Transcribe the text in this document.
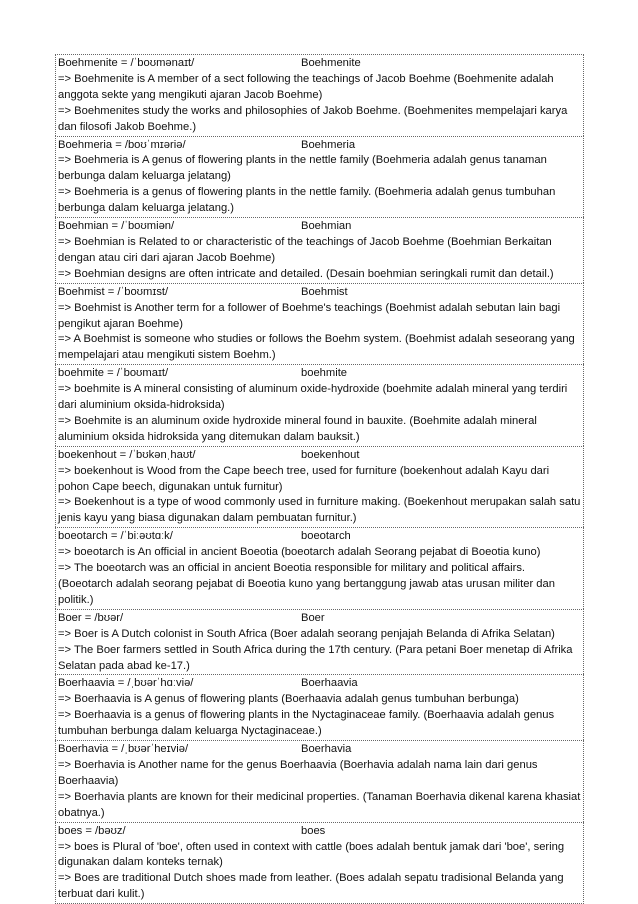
Boehmenite = /ˈboʊmənaɪt/	Boehmenite
=> Boehmenite is A member of a sect following the teachings of Jacob Boehme (Boehmenite adalah anggota sekte yang mengikuti ajaran Jacob Boehme)
=> Boehmenites study the works and philosophies of Jakob Boehme. (Boehmenites mempelajari karya dan filosofi Jakob Boehme.)
Boehmeria = /boʊˈmɪəriə/	Boehmeria
=> Boehmeria is A genus of flowering plants in the nettle family (Boehmeria adalah genus tanaman berbunga dalam keluarga jelatang)
=> Boehmeria is a genus of flowering plants in the nettle family. (Boehmeria adalah genus tumbuhan berbunga dalam keluarga jelatang.)
Boehmian = /ˈboʊmiən/	Boehmian
=> Boehmian is Related to or characteristic of the teachings of Jacob Boehme (Boehmian Berkaitan dengan atau ciri dari ajaran Jacob Boehme)
=> Boehmian designs are often intricate and detailed. (Desain boehmian seringkali rumit dan detail.)
Boehmist = /ˈboʊmɪst/	Boehmist
=> Boehmist is Another term for a follower of Boehme's teachings (Boehmist adalah sebutan lain bagi pengikut ajaran Boehme)
=> A Boehmist is someone who studies or follows the Boehm system. (Boehmist adalah seseorang yang mempelajari atau mengikuti sistem Boehm.)
boehmite = /ˈboʊmaɪt/	boehmite
=> boehmite is A mineral consisting of aluminum oxide-hydroxide (boehmite adalah mineral yang terdiri dari aluminium oksida-hidroksida)
=> Boehmite is an aluminum oxide hydroxide mineral found in bauxite. (Boehmite adalah mineral aluminium oksida hidroksida yang ditemukan dalam bauksit.)
boekenhout = /ˈbʊkənˌhaʊt/	boekenhout
=> boekenhout is Wood from the Cape beech tree, used for furniture (boekenhout adalah Kayu dari pohon Cape beech, digunakan untuk furnitur)
=> Boekenhout is a type of wood commonly used in furniture making. (Boekenhout merupakan salah satu jenis kayu yang biasa digunakan dalam pembuatan furnitur.)
boeotarch = /ˈbiːəʊtɑːk/	boeotarch
=> boeotarch is An official in ancient Boeotia (boeotarch adalah Seorang pejabat di Boeotia kuno)
=> The boeotarch was an official in ancient Boeotia responsible for military and political affairs. (Boeotarch adalah seorang pejabat di Boeotia kuno yang bertanggung jawab atas urusan militer dan politik.)
Boer = /bʊər/	Boer
=> Boer is A Dutch colonist in South Africa (Boer adalah seorang penjajah Belanda di Afrika Selatan)
=> The Boer farmers settled in South Africa during the 17th century. (Para petani Boer menetap di Afrika Selatan pada abad ke-17.)
Boerhaavia = /ˌbʊərˈhɑːviə/	Boerhaavia
=> Boerhaavia is A genus of flowering plants (Boerhaavia adalah genus tumbuhan berbunga)
=> Boerhaavia is a genus of flowering plants in the Nyctaginaceae family. (Boerhaavia adalah genus tumbuhan berbunga dalam keluarga Nyctaginaceae.)
Boerhavia = /ˌbʊərˈheɪviə/	Boerhavia
=> Boerhavia is Another name for the genus Boerhaavia (Boerhavia adalah nama lain dari genus Boerhaavia)
=> Boerhavia plants are known for their medicinal properties. (Tanaman Boerhavia dikenal karena khasiat obatnya.)
boes = /bəʊz/	boes
=> boes is Plural of 'boe', often used in context with cattle (boes adalah bentuk jamak dari 'boe', sering digunakan dalam konteks ternak)
=> Boes are traditional Dutch shoes made from leather. (Boes adalah sepatu tradisional Belanda yang terbuat dari kulit.)
